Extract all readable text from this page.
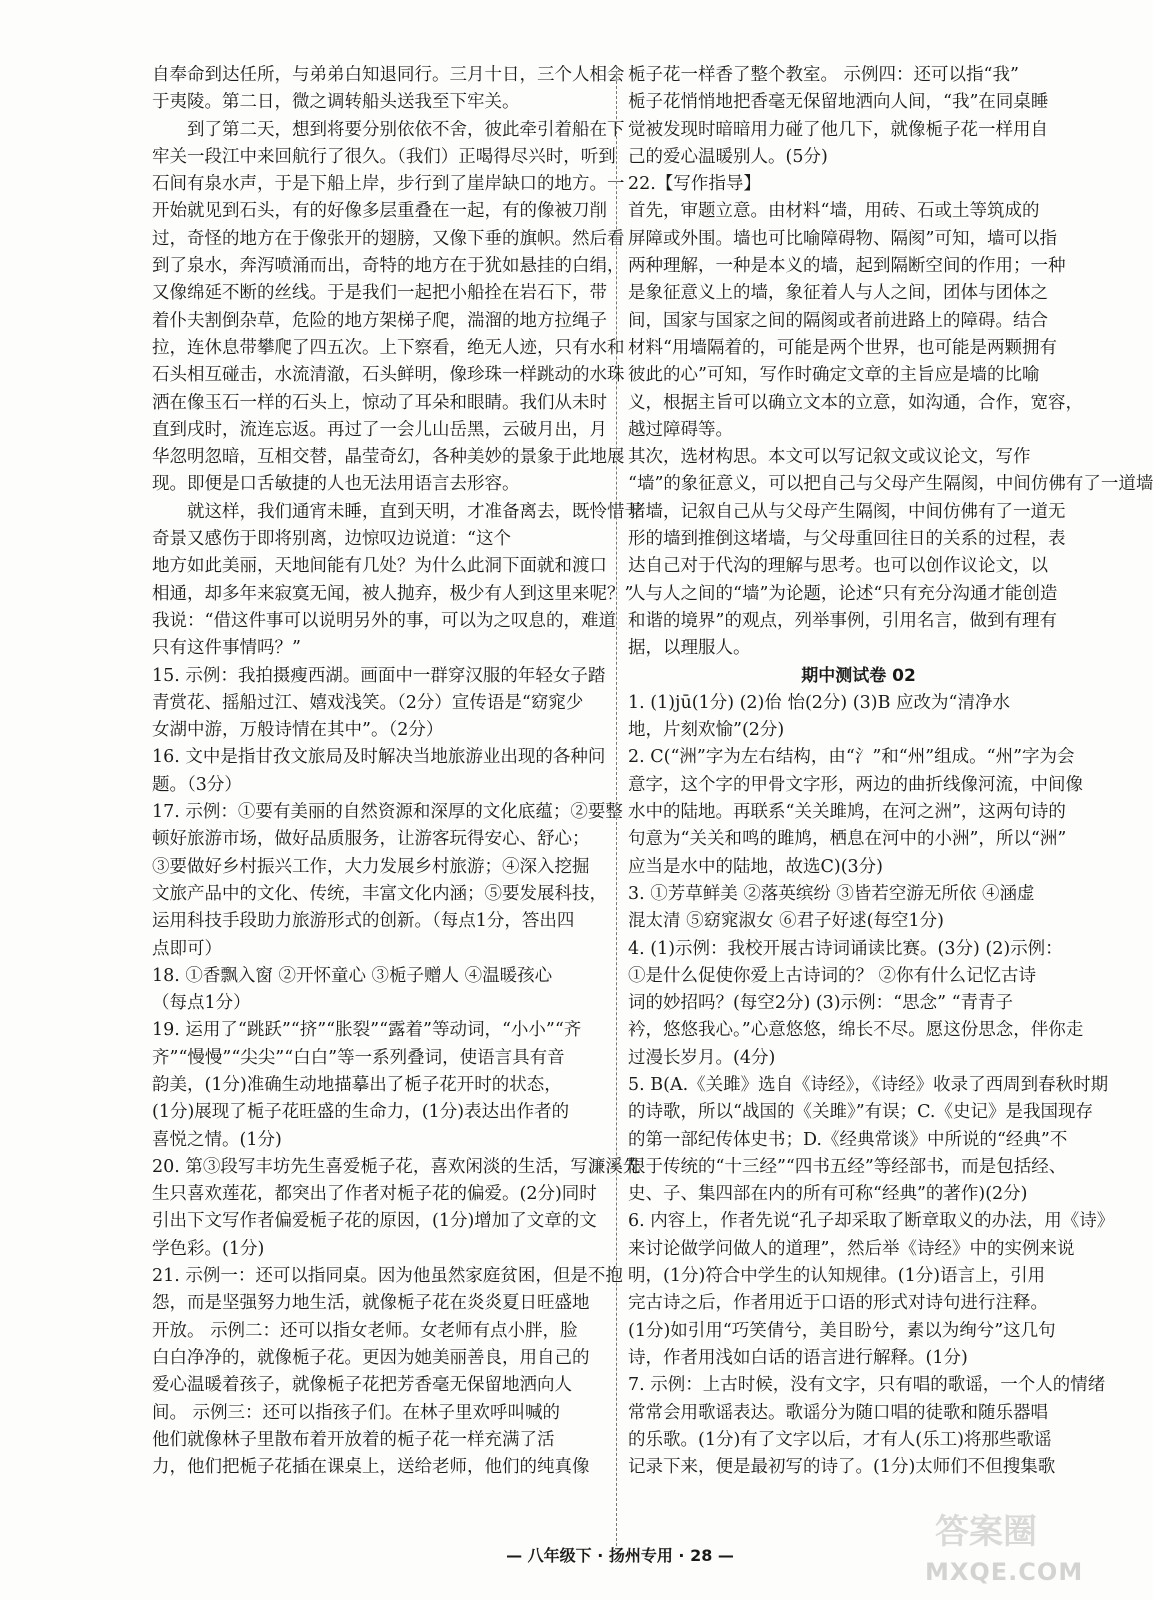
自奉命到达任所，与弟弟白知退同行。三月十日，三个人相会

于夷陵。第二日，微之调转船头送我至下牢关。

到了第二天，想到将要分别依依不舍，彼此牵引着船在下

牢关一段江中来回航行了很久。（我们）正喝得尽兴时，听到

石间有泉水声，于是下船上岸，步行到了崖岸缺口的地方。一

开始就见到石头，有的好像多层重叠在一起，有的像被刀削

过，奇怪的地方在于像张开的翅膀，又像下垂的旗帜。然后看

到了泉水，奔泻喷涌而出，奇特的地方在于犹如悬挂的白绢，

又像绵延不断的丝线。于是我们一起把小船拴在岩石下，带

着仆夫割倒杂草，危险的地方架梯子爬，湍溜的地方拉绳子

拉，连休息带攀爬了四五次。上下察看，绝无人迹，只有水和

石头相互碰击，水流清澈，石头鲜明，像珍珠一样跳动的水珠

洒在像玉石一样的石头上，惊动了耳朵和眼睛。我们从未时

直到戌时，流连忘返。再过了一会儿山岳黑，云破月出，月

华忽明忽暗，互相交替，晶莹奇幻，各种美妙的景象于此地展

现。即便是口舌敏捷的人也无法用语言去形容。

就这样，我们通宵未睡，直到天明，才准备离去，既怜惜于

奇景又感伤于即将别离，边惊叹边说道：“这个

地方如此美丽，天地间能有几处？为什么此洞下面就和渡口

相通，却多年来寂寞无闻，被人抛弃，极少有人到这里来呢？”

我说：“借这件事可以说明另外的事，可以为之叹息的，难道

只有这件事情吗？”

15. 示例：我拍摄瘦西湖。画面中一群穿汉服的年轻女子踏

青赏花、摇船过江、嬉戏浅笑。（2分）宣传语是“窈窕少

女湖中游，万般诗情在其中”。（2分）

16. 文中是指甘孜文旅局及时解决当地旅游业出现的各种问

题。（3分）

17. 示例：①要有美丽的自然资源和深厚的文化底蕴；②要整

顿好旅游市场，做好品质服务，让游客玩得安心、舒心；

③要做好乡村振兴工作，大力发展乡村旅游；④深入挖掘

文旅产品中的文化、传统，丰富文化内涵；⑤要发展科技，

运用科技手段助力旅游形式的创新。（每点1分，答出四

点即可）

18. ①香飘入窗 ②开怀童心 ③栀子赠人 ④温暖孩心

（每点1分）

19. 运用了“跳跃”“挤”“胀裂”“露着”等动词，“小小”“齐

齐”“慢慢”“尖尖”“白白”等一系列叠词，使语言具有音

韵美，(1分)准确生动地描摹出了栀子花开时的状态，

(1分)展现了栀子花旺盛的生命力，(1分)表达出作者的

喜悦之情。(1分)

20. 第③段写丰坊先生喜爱栀子花，喜欢闲淡的生活，写濂溪先

生只喜欢莲花，都突出了作者对栀子花的偏爱。(2分)同时

引出下文写作者偏爱栀子花的原因，(1分)增加了文章的文

学色彩。(1分)

21. 示例一：还可以指同桌。因为他虽然家庭贫困，但是不抱

怨，而是坚强努力地生活，就像栀子花在炎炎夏日旺盛地

开放。 示例二：还可以指女老师。女老师有点小胖，脸

白白净净的，就像栀子花。更因为她美丽善良，用自己的

爱心温暖着孩子，就像栀子花把芳香毫无保留地洒向人

间。 示例三：还可以指孩子们。在林子里欢呼叫喊的

他们就像林子里散布着开放着的栀子花一样充满了活

力，他们把栀子花插在课桌上，送给老师，他们的纯真像

栀子花一样香了整个教室。 示例四：还可以指“我”

栀子花悄悄地把香毫无保留地洒向人间，“我”在同桌睡

觉被发现时暗暗用力碰了他几下，就像栀子花一样用自

己的爱心温暖别人。(5分)

22.【写作指导】

首先，审题立意。由材料“墙，用砖、石或土等筑成的

屏障或外围。墙也可比喻障碍物、隔阂”可知，墙可以指

两种理解，一种是本义的墙，起到隔断空间的作用；一种

是象征意义上的墙，象征着人与人之间，团体与团体之

间，国家与国家之间的隔阂或者前进路上的障碍。结合

材料“用墙隔着的，可能是两个世界，也可能是两颗拥有

彼此的心”可知，写作时确定文章的主旨应是墙的比喻

义，根据主旨可以确立文本的立意，如沟通，合作，宽容，

越过障碍等。

其次，选材构思。本文可以写记叙文或议论文，写作

“墙”的象征意义，可以把自己与父母产生隔阂，中间仿佛有了一道墙

堵墙，记叙自己从与父母产生隔阂，中间仿佛有了一道无

形的墙到推倒这堵墙，与父母重回往日的关系的过程，表

达自己对于代沟的理解与思考。也可以创作议论文，以

人与人之间的“墙”为论题，论述“只有充分沟通才能创造

和谐的境界”的观点，列举事例，引用名言，做到有理有

据，以理服人。

期中测试卷 02

1. (1)jū(1分) (2)佁 怡(2分) (3)B 应改为“清净水

地，片刻欢愉”(2分)

2. C(“洲”字为左右结构，由“氵”和“州”组成。“州”字为会

意字，这个字的甲骨文字形，两边的曲折线像河流，中间像

水中的陆地。再联系“关关雎鸠，在河之洲”，这两句诗的

句意为“关关和鸣的雎鸠，栖息在河中的小洲”，所以“洲”

应当是水中的陆地，故选C)(3分)

3. ①芳草鲜美 ②落英缤纷 ③皆若空游无所依 ④涵虚

混太清 ⑤窈窕淑女 ⑥君子好逑(每空1分)

4. (1)示例：我校开展古诗词诵读比赛。(3分) (2)示例：

①是什么促使你爱上古诗词的？ ②你有什么记忆古诗

词的妙招吗？(每空2分) (3)示例：“思念” “青青子

衿，悠悠我心。”心意悠悠，绵长不尽。愿这份思念，伴你走

过漫长岁月。(4分)

5. B(A.《关雎》选自《诗经》，《诗经》收录了西周到春秋时期

的诗歌，所以“战国的《关雎》”有误；C.《史记》是我国现存

的第一部纪传体史书；D.《经典常谈》中所说的“经典”不

限于传统的“十三经”“四书五经”等经部书，而是包括经、

史、子、集四部在内的所有可称“经典”的著作)(2分)

6. 内容上，作者先说“孔子却采取了断章取义的办法，用《诗》

来讨论做学问做人的道理”，然后举《诗经》中的实例来说

明，(1分)符合中学生的认知规律。(1分)语言上，引用

完古诗之后，作者用近于口语的形式对诗句进行注释。

(1分)如引用“巧笑倩兮，美目盼兮，素以为绚兮”这几句

诗，作者用浅如白话的语言进行解释。(1分)

7. 示例：上古时候，没有文字，只有唱的歌谣，一个人的情绪

常常会用歌谣表达。歌谣分为随口唱的徒歌和随乐器唱

的乐歌。(1分)有了文字以后，才有人(乐工)将那些歌谣

记录下来，便是最初写的诗了。(1分)太师们不但搜集歌

— 八年级下 · 扬州专用 · 28 —
答案圈
MXQE.COM
